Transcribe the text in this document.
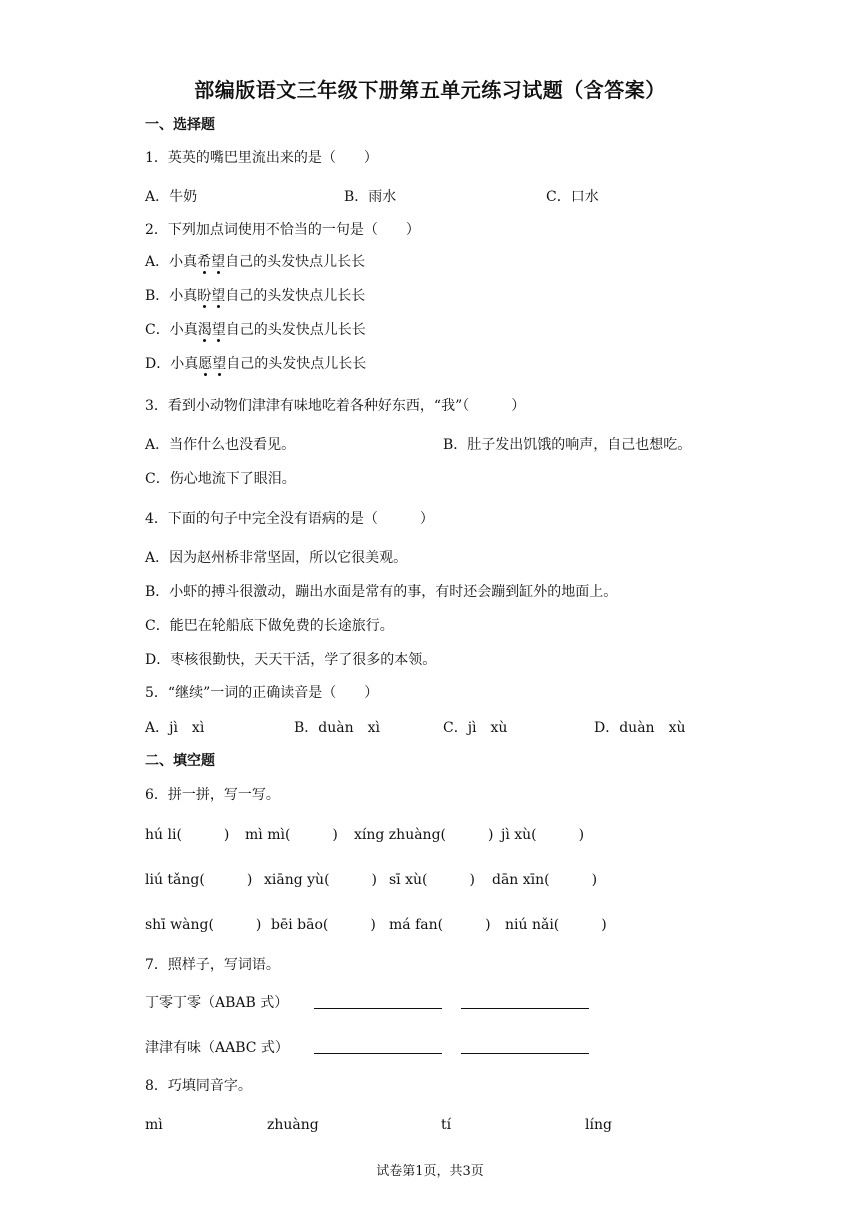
部编版语文三年级下册第五单元练习试题（含答案）
一、选择题
1．英英的嘴巴里流出来的是（　　）
A．牛奶	B．雨水	C．口水
2．下列加点词使用不恰当的一句是（　　）
A．小真希望自己的头发快点儿长长
B．小真盼望自己的头发快点儿长长
C．小真渴望自己的头发快点儿长长
D．小真愿望自己的头发快点儿长长
3．看到小动物们津津有味地吃着各种好东西，“我”（　　　）
A．当作什么也没看见。	B．肚子发出饥饿的响声，自己也想吃。
C．伤心地流下了眼泪。
4．下面的句子中完全没有语病的是（　　　）
A．因为赵州桥非常坚固，所以它很美观。
B．小虾的搏斗很激动，蹦出水面是常有的事，有时还会蹦到缸外的地面上。
C．能巴在轮船底下做免费的长途旅行。
D．枣核很勤快，天天干活，学了很多的本领。
5．“继续”一词的正确读音是（　　）
A．jì　xì	B．duàn　xì	C．jì　xù	D．duàn　xù
二、填空题
6．拼一拼，写一写。
hú li(　　　) mì mì(　　　) xíng zhuàng(　　　) jì xù(　　　)
liú tǎng(　　　) xiāng yù(　　　) sī xù(　　　) dān xīn(　　　)
shī wàng(　　　) bēi bāo(　　　) má fan(　　　) niú nǎi(　　　)
7．照样子，写词语。
丁零丁零（ABAB 式）
津津有味（AABC 式）
8．巧填同音字。
mì	zhuàng	tí	líng
试卷第1页，共3页
